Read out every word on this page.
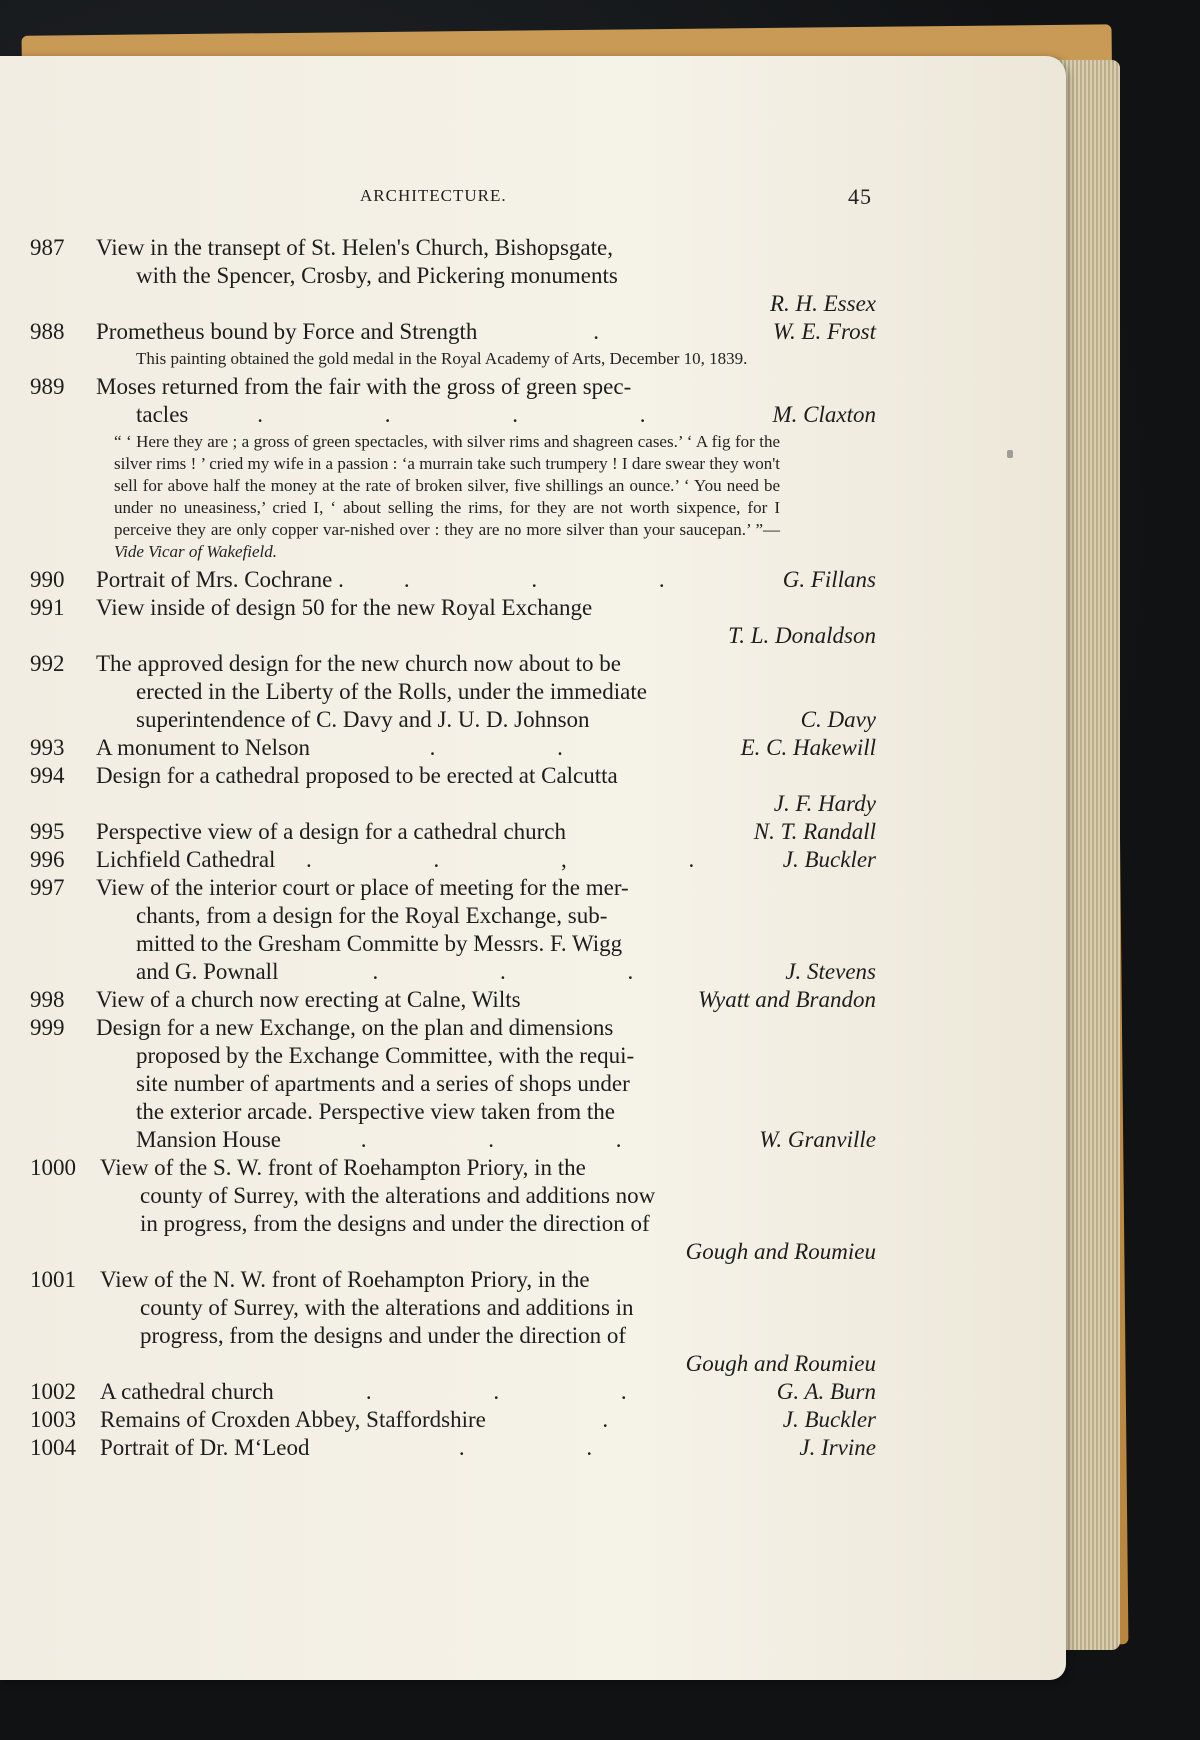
ARCHITECTURE.	45
987 View in the transept of St. Helen's Church, Bishopsgate,
with the Spencer, Crosby, and Pickering monuments
R. H. Essex
988 Prometheus bound by Force and Strength	.	W. E. Frost
This painting obtained the gold medal in the Royal Academy of Arts, December 10, 1839.
989 Moses returned from the fair with the gross of green spec-
tacles	. . . .	M. Claxton
“ ‘ Here they are ; a gross of green spectacles, with silver rims and shagreen cases.’ ‘ A fig for the silver rims ! ’ cried my wife in a passion : ‘a murrain take such trumpery ! I dare swear they won't sell for above half the money at the rate of broken silver, five shillings an ounce.’ ‘ You need be under no uneasiness,’ cried I, ‘ about selling the rims, for they are not worth sixpence, for I perceive they are only copper var-nished over : they are no more silver than your saucepan.’ ”— Vide Vicar of Wakefield.
990 Portrait of Mrs. Cochrane .	. . .	G. Fillans
991 View inside of design 50 for the new Royal Exchange
T. L. Donaldson
992 The approved design for the new church now about to be
erected in the Liberty of the Rolls, under the immediate
superintendence of C. Davy and J. U. D. Johnson	C. Davy
993 A monument to Nelson	. .	E. C. Hakewill
994 Design for a cathedral proposed to be erected at Calcutta
J. F. Hardy
995 Perspective view of a design for a cathedral church	N. T. Randall
996 Lichfield Cathedral	. . , .	J. Buckler
997 View of the interior court or place of meeting for the mer-
chants, from a design for the Royal Exchange, sub-
mitted to the Gresham Committe by Messrs. F. Wigg
and G. Pownall	. . .	J. Stevens
998 View of a church now erecting at Calne, Wilts	Wyatt and Brandon
999 Design for a new Exchange, on the plan and dimensions
proposed by the Exchange Committee, with the requi-
site number of apartments and a series of shops under
the exterior arcade. Perspective view taken from the
Mansion House	. . .	W. Granville
1000 View of the S. W. front of Roehampton Priory, in the
county of Surrey, with the alterations and additions now
in progress, from the designs and under the direction of
Gough and Roumieu
1001 View of the N. W. front of Roehampton Priory, in the
county of Surrey, with the alterations and additions in
progress, from the designs and under the direction of
Gough and Roumieu
1002 A cathedral church	. . .	G. A. Burn
1003 Remains of Croxden Abbey, Staffordshire	.	J. Buckler
1004 Portrait of Dr. M‘Leod	. .	J. Irvine
